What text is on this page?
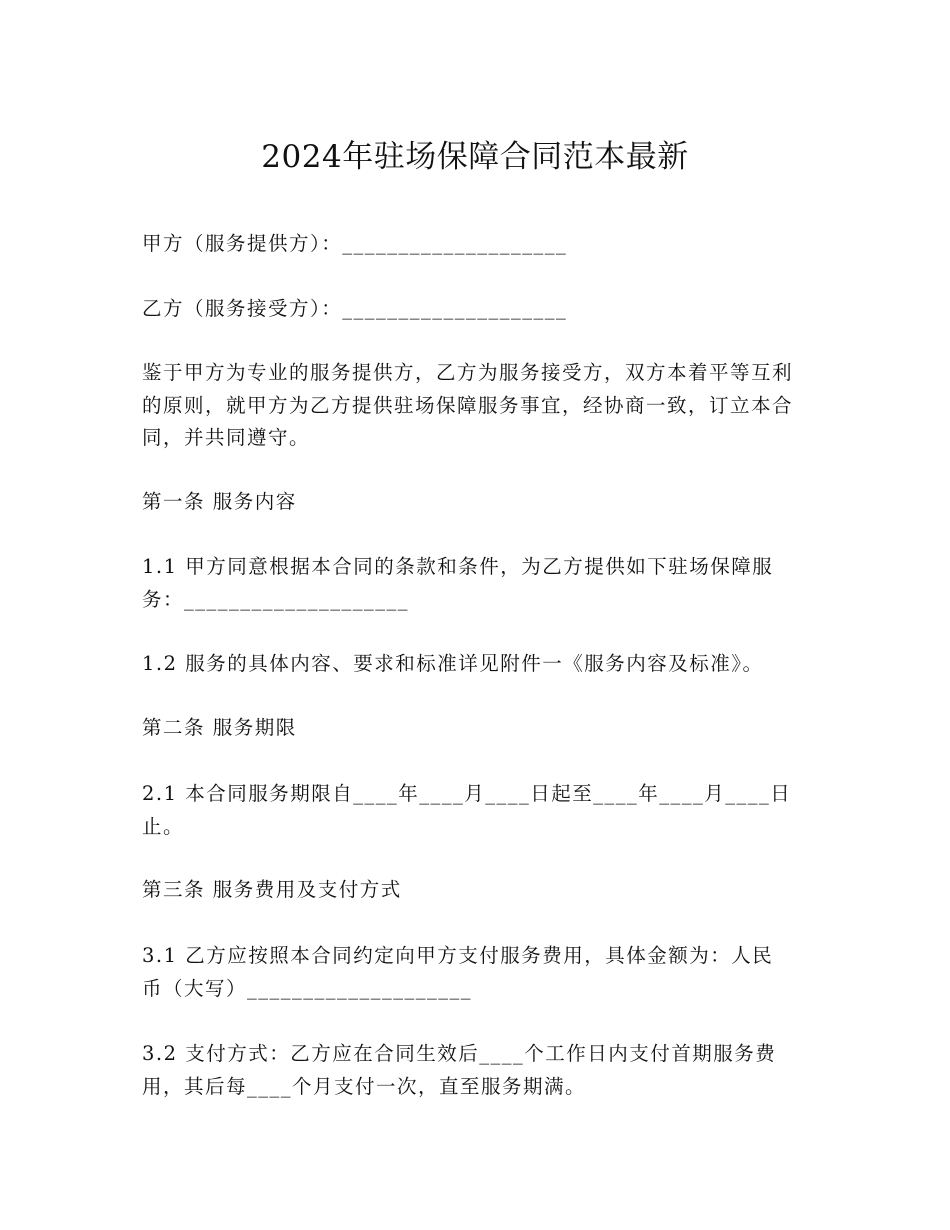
2024年驻场保障合同范本最新

甲方（服务提供方）：____________________

乙方（服务接受方）：____________________

鉴于甲方为专业的服务提供方，乙方为服务接受方，双方本着平等互利的原则，就甲方为乙方提供驻场保障服务事宜，经协商一致，订立本合同，并共同遵守。

第一条 服务内容

1.1 甲方同意根据本合同的条款和条件，为乙方提供如下驻场保障服务：____________________

1.2 服务的具体内容、要求和标准详见附件一《服务内容及标准》。

第二条 服务期限

2.1 本合同服务期限自____年____月____日起至____年____月____日止。

第三条 服务费用及支付方式

3.1 乙方应按照本合同约定向甲方支付服务费用，具体金额为：人民币（大写）____________________

3.2 支付方式：乙方应在合同生效后____个工作日内支付首期服务费用，其后每____个月支付一次，直至服务期满。
